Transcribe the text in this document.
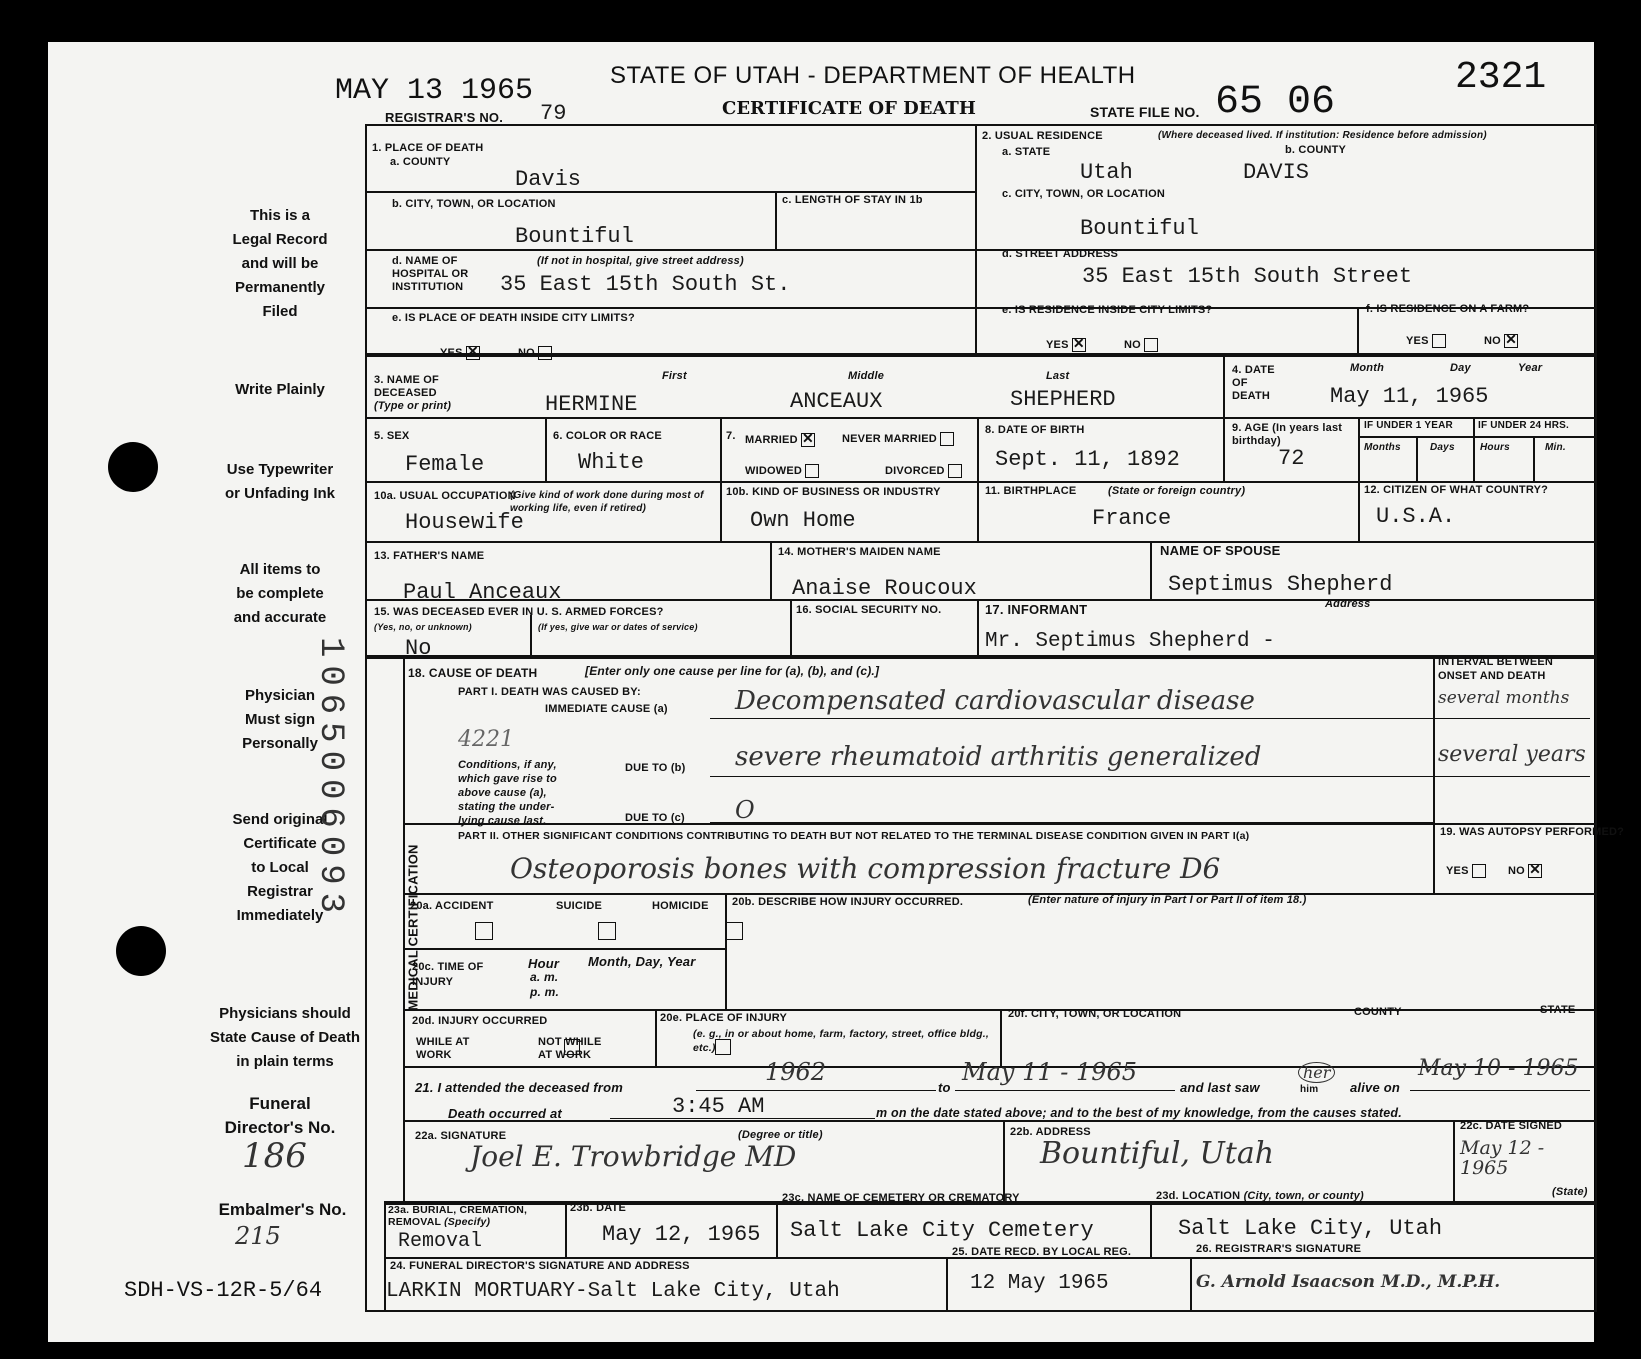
MAY 13 1965
REGISTRAR'S NO. 79
STATE OF UTAH - DEPARTMENT OF HEALTH
CERTIFICATE OF DEATH	STATE FILE NO. 65 06
2321
This is a
Legal Record
and will be
Permanently
Filed
Write Plainly
Use Typewriter
or Unfading Ink
All items to
be complete
and accurate
Physician
Must sign
Personally
Send original
Certificate
to Local
Registrar
Immediately
Physicians should
State Cause of Death
in plain terms
Funeral
Director's No.
186
Embalmer's No.
215
SDH-VS-12R-5/64
1065006093
1. PLACE OF DEATH
a. COUNTY
Davis
b. CITY, TOWN, OR LOCATION
Bountiful
c. LENGTH OF STAY IN 1b
d. NAME OF HOSPITAL OR INSTITUTION
(If not in hospital, give street address)
35 East 15th South St.
e. IS PLACE OF DEATH INSIDE CITY LIMITS?
YES ✕	NO
2. USUAL RESIDENCE	(Where deceased lived. If institution: Residence before admission)
a. STATE	b. COUNTY
Utah	DAVIS
c. CITY, TOWN, OR LOCATION
Bountiful
d. STREET ADDRESS
35 East 15th South Street
e. IS RESIDENCE INSIDE CITY LIMITS?
YES ✕	NO
f. IS RESIDENCE ON A FARM?
YES	NO ✕
3. NAME OF DECEASED
(Type or print)
First	Middle	Last
HERMINE	ANCEAUX	SHEPHERD
4. DATE OF DEATH
Month	Day	Year
May 11, 1965
5. SEX
Female
6. COLOR OR RACE
White
7. MARRIED ✕	NEVER MARRIED
WIDOWED	DIVORCED
8. DATE OF BIRTH
Sept. 11, 1892
9. AGE (In years last birthday)
72
IF UNDER 1 YEAR	IF UNDER 24 HRS.
Months	Days	Hours	Min.
10a. USUAL OCCUPATION
(Give kind of work done during most of working life, even if retired)
Housewife
10b. KIND OF BUSINESS OR INDUSTRY
Own Home
11. BIRTHPLACE	(State or foreign country)
France
12. CITIZEN OF WHAT COUNTRY?
U.S.A.
13. FATHER'S NAME
Paul Anceaux
14. MOTHER'S MAIDEN NAME
Anaise Roucoux
NAME OF SPOUSE
Septimus Shepherd
15. WAS DECEASED EVER IN U. S. ARMED FORCES?
(Yes, no, or unknown)	(If yes, give war or dates of service)
No
16. SOCIAL SECURITY NO.	17. INFORMANT	Address
Mr. Septimus Shepherd -
MEDICAL CERTIFICATION
18. CAUSE OF DEATH	[Enter only one cause per line for (a), (b), and (c).]
INTERVAL BETWEEN ONSET AND DEATH
PART I. DEATH WAS CAUSED BY:
IMMEDIATE CAUSE (a)	Decompensated cardiovascular disease	several months
4221
Conditions, if any,
which gave rise to
above cause (a),
stating the under-
lying cause last.
DUE TO (b) severe rheumatoid arthritis generalized	several years
DUE TO (c) O
PART II. OTHER SIGNIFICANT CONDITIONS CONTRIBUTING TO DEATH BUT NOT RELATED TO THE TERMINAL DISEASE CONDITION GIVEN IN PART I(a)
Osteoporosis bones with compression fracture D6
19. WAS AUTOPSY PERFORMED?
YES	NO ✕
20a. ACCIDENT	SUICIDE	HOMICIDE
20b. DESCRIBE HOW INJURY OCCURRED.	(Enter nature of injury in Part I or Part II of item 18.)
20c. TIME OF INJURY
Hour
a. m.
p. m.
Month, Day, Year
20d. INJURY OCCURRED
WHILE AT WORK

NOT WHILE AT WORK
20e. PLACE OF INJURY
(e. g., in or about home, farm, factory, street, office bldg., etc.)
20f. CITY, TOWN, OR LOCATION	COUNTY	STATE
21. I attended the deceased from
1962
to
May 11 - 1965
and last saw
her
him alive on
May 10 - 1965
Death occurred at	3:45 AM	m on the date stated above; and to the best of my knowledge, from the causes stated.
22a. SIGNATURE	(Degree or title)
Joel E. Trowbridge MD
22b. ADDRESS
Bountiful, Utah
22c. DATE SIGNED
May 12 - 1965
23a. BURIAL, CREMATION, REMOVAL (Specify)
Removal
23b. DATE
May 12, 1965
23c. NAME OF CEMETERY OR CREMATORY
Salt Lake City Cemetery
23d. LOCATION (City, town, or county)	(State)
Salt Lake City, Utah
24. FUNERAL DIRECTOR'S SIGNATURE AND ADDRESS
LARKIN MORTUARY-Salt Lake City, Utah
25. DATE RECD. BY LOCAL REG.
12 May 1965
26. REGISTRAR'S SIGNATURE
G. Arnold Isaacson M.D., M.P.H.
